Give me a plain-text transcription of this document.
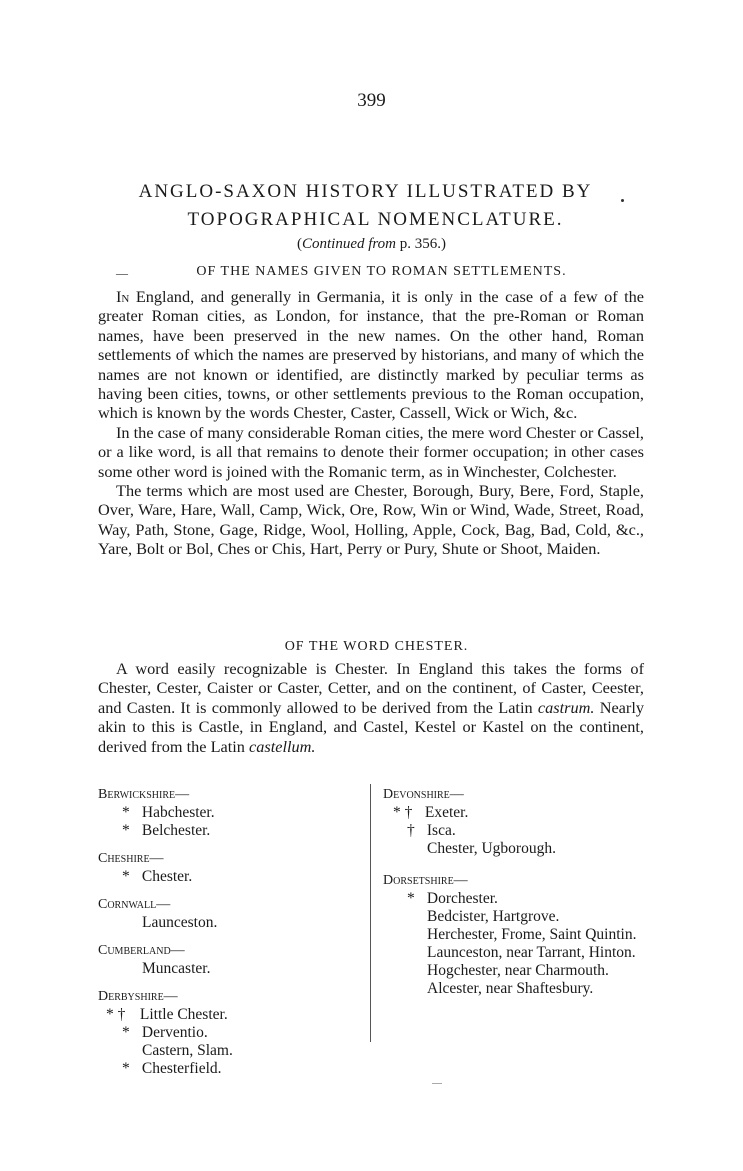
399
ANGLO-SAXON HISTORY ILLUSTRATED BY
TOPOGRAPHICAL NOMENCLATURE.
(Continued from p. 356.)
—	OF THE NAMES GIVEN TO ROMAN SETTLEMENTS.

In England, and generally in Germania, it is only in the case of a few of the greater Roman cities, as London, for instance, that the pre-Roman or Roman names, have been preserved in the new names. On the other hand, Roman settlements of which the names are preserved by historians, and many of which the names are not known or identified, are distinctly marked by peculiar terms as having been cities, towns, or other settlements previous to the Roman occupation, which is known by the words Chester, Caster, Cassell, Wick or Wich, &c.

In the case of many considerable Roman cities, the mere word Chester or Cassel, or a like word, is all that remains to denote their former occupation; in other cases some other word is joined with the Romanic term, as in Winchester, Colchester.

The terms which are most used are Chester, Borough, Bury, Bere, Ford, Staple, Over, Ware, Hare, Wall, Camp, Wick, Ore, Row, Win or Wind, Wade, Street, Road, Way, Path, Stone, Gage, Ridge, Wool, Holling, Apple, Cock, Bag, Bad, Cold, &c., Yare, Bolt or Bol, Ches or Chis, Hart, Perry or Pury, Shute or Shoot, Maiden.

OF THE WORD CHESTER.

A word easily recognizable is Chester. In England this takes the forms of Chester, Cester, Caister or Caster, Cetter, and on the continent, of Caster, Ceester, and Casten. It is commonly allowed to be derived from the Latin castrum. Nearly akin to this is Castle, in England, and Castel, Kestel or Kastel on the continent, derived from the Latin castellum.

Berwickshire—
* Habchester.
* Belchester.
Cheshire—
* Chester.
Cornwall—
Launceston.
Cumberland—
Muncaster.
Derbyshire—
* † Little Chester.
* Derventio.
Castern, Slam.
* Chesterfield.
Devonshire—
* † Exeter.
† Isca.
Chester, Ugborough.
Dorsetshire—
* Dorchester.
Bedcister, Hartgrove.
Herchester, Frome, Saint Quintin.
Launceston, near Tarrant, Hinton.
Hogchester, near Charmouth.
Alcester, near Shaftesbury.
